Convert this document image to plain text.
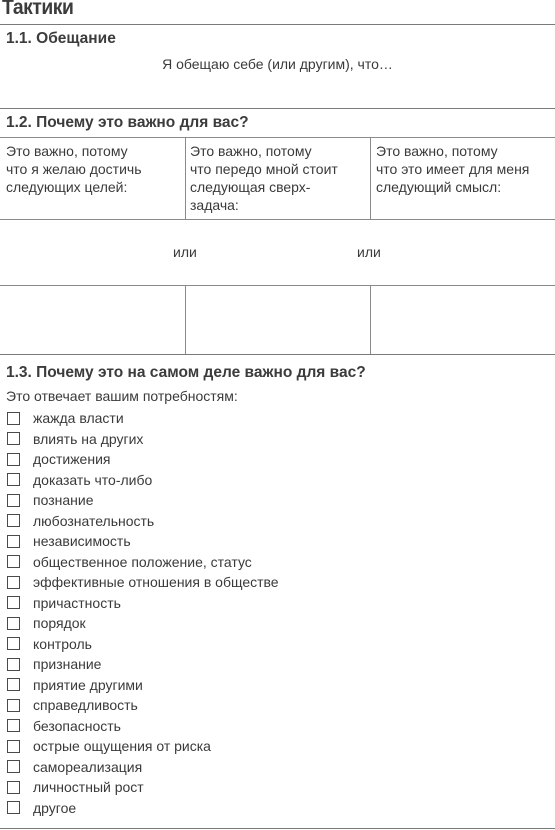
Тактики
1.1. Обещание
Я обещаю себе (или другим), что…
1.2. Почему это важно для вас?
Это важно, потому
что я желаю достичь
следующих целей:
Это важно, потому
что передо мной стоит
следующая сверх-
задача:
Это важно, потому
что это имеет для меня
следующий смысл:
или	или
1.3. Почему это на самом деле важно для вас?
Это отвечает вашим потребностям:
жажда власти
влиять на других
достижения
доказать что-либо
познание
любознательность
независимость
общественное положение, статус
эффективные отношения в обществе
причастность
порядок
контроль
признание
приятие другими
справедливость
безопасность
острые ощущения от риска
самореализация
личностный рост
другое
